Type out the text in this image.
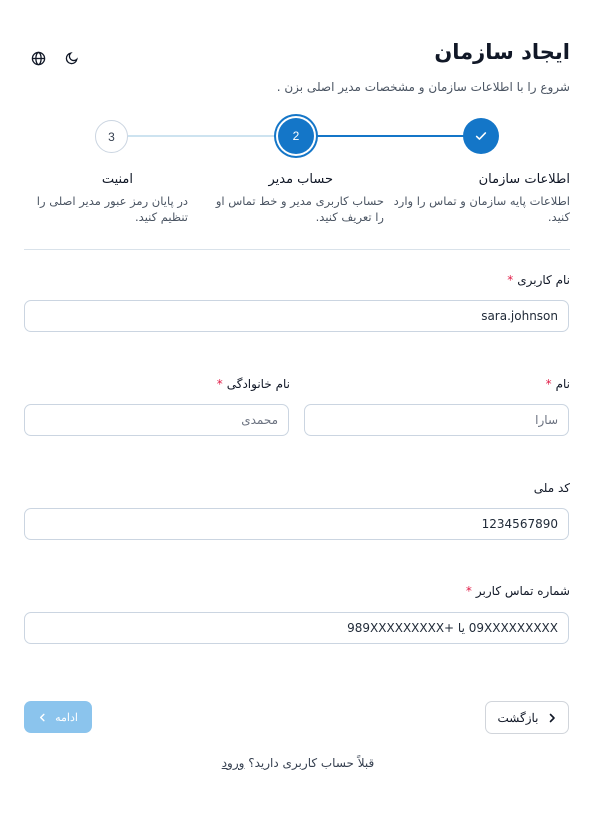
ایجاد سازمان

شروع را با اطلاعات سازمان و مشخصات مدیر اصلی بزن .

2
3
اطلاعات سازمان
اطلاعات پایه سازمان و تماس را وارد کنید.
حساب مدیر
حساب کاربری مدیر و خط تماس او را تعریف کنید.
امنیت
در پایان رمز عبور مدیر اصلی را تنظیم کنید.
نام کاربری*
sara.johnson
نام*
سارا
نام خانوادگی*
محمدی
کد ملی
1234567890
شماره تماس کاربر*
09XXXXXXXXX یا +989XXXXXXXXX
بازگشت
ادامه

قبلاً حساب کاربری دارید؟ ورود
